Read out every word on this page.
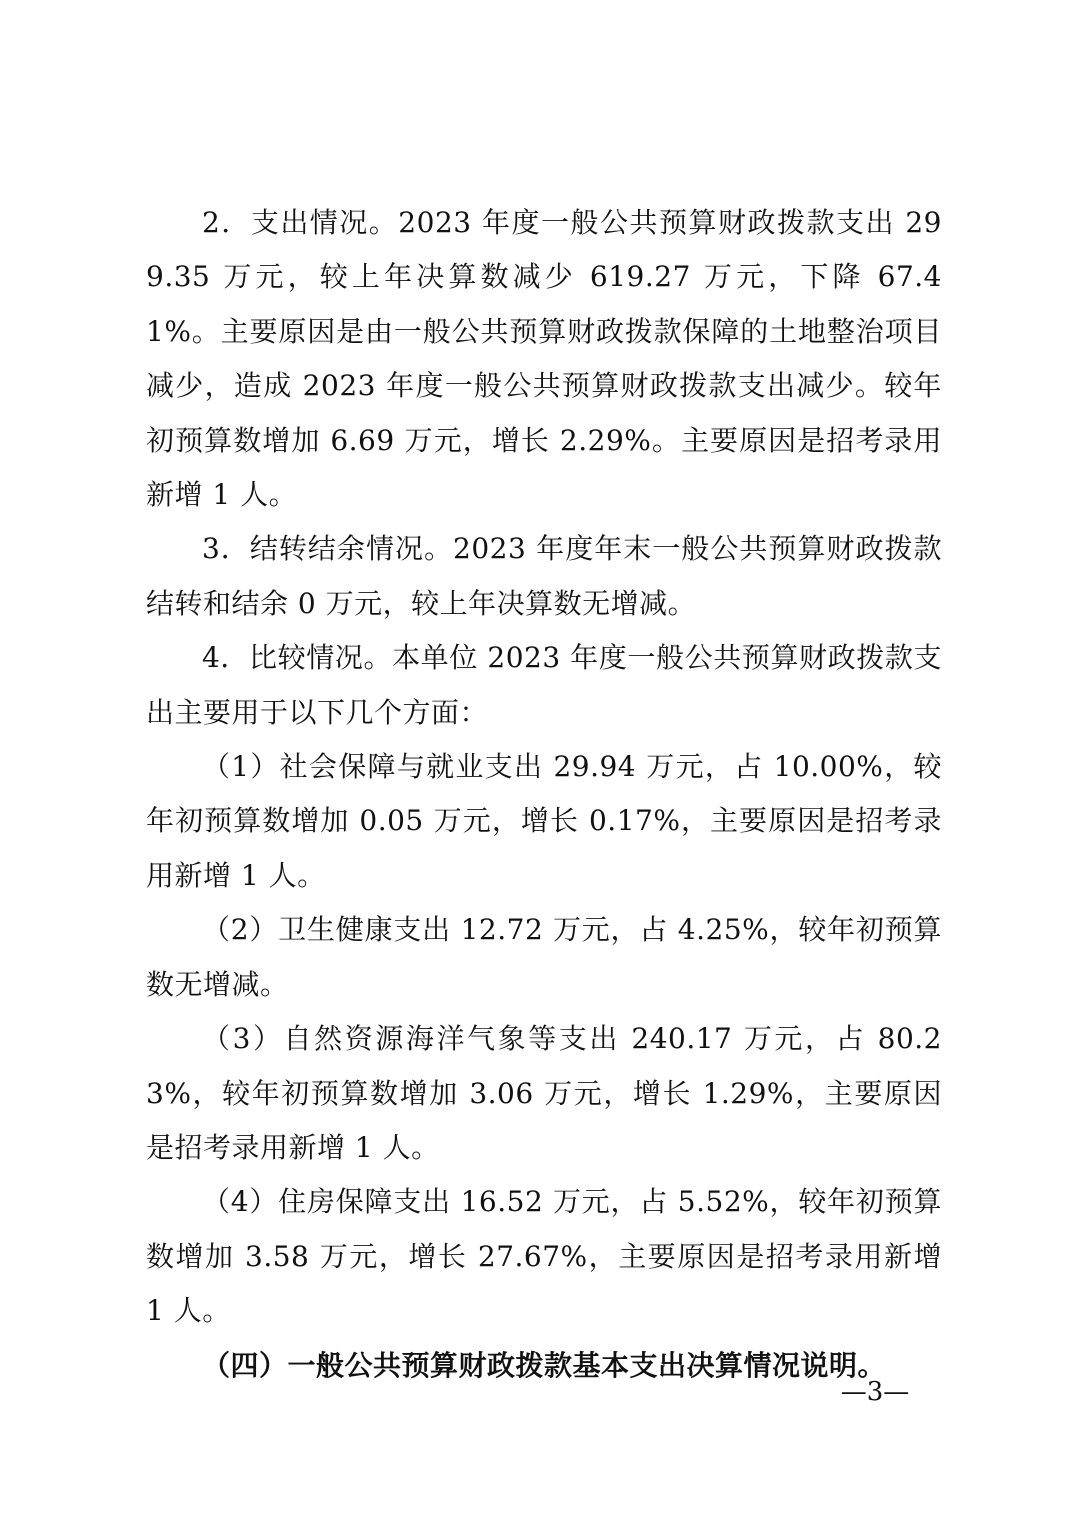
2．支出情况。2023 年度一般公共预算财政拨款支出 299.35 万元，较上年决算数减少 619.27 万元，下降 67.41%。主要原因是由一般公共预算财政拨款保障的土地整治项目减少，造成 2023 年度一般公共预算财政拨款支出减少。较年初预算数增加 6.69 万元，增长 2.29%。主要原因是招考录用新增 1 人。

3．结转结余情况。2023 年度年末一般公共预算财政拨款结转和结余 0 万元，较上年决算数无增减。

4．比较情况。本单位 2023 年度一般公共预算财政拨款支出主要用于以下几个方面：

（1）社会保障与就业支出 29.94 万元，占 10.00%，较年初预算数增加 0.05 万元，增长 0.17%，主要原因是招考录用新增 1 人。

（2）卫生健康支出 12.72 万元，占 4.25%，较年初预算数无增减。

（3）自然资源海洋气象等支出 240.17 万元，占 80.23%，较年初预算数增加 3.06 万元，增长 1.29%，主要原因是招考录用新增 1 人。

（4）住房保障支出 16.52 万元，占 5.52%，较年初预算数增加 3.58 万元，增长 27.67%，主要原因是招考录用新增 1 人。

（四）一般公共预算财政拨款基本支出决算情况说明。

—3—
